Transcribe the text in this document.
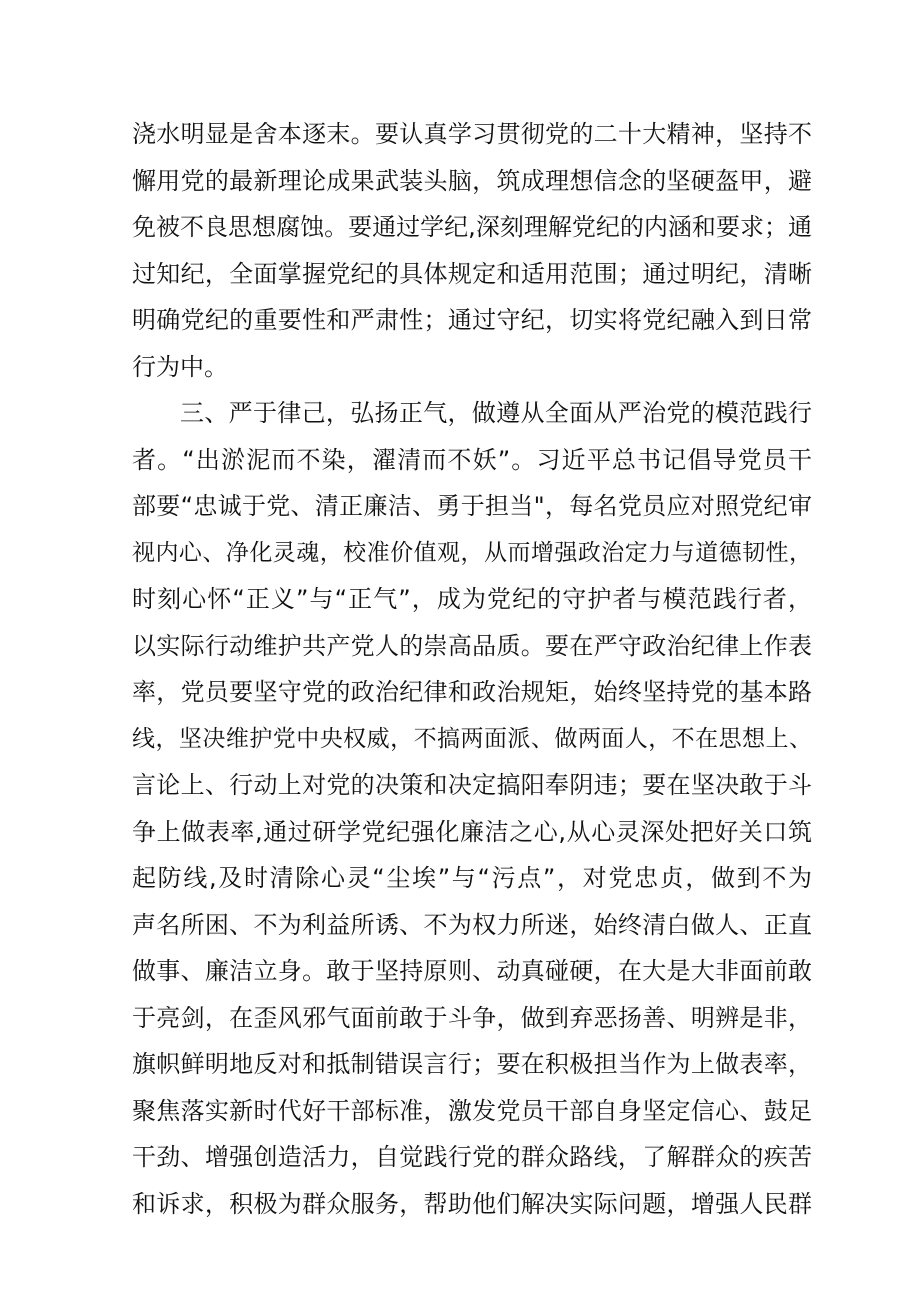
浇水明显是舍本逐末。要认真学习贯彻党的二十大精神，坚持不
懈用党的最新理论成果武装头脑，筑成理想信念的坚硬盔甲，避
免被不良思想腐蚀。要通过学纪,深刻理解党纪的内涵和要求；通
过知纪，全面掌握党纪的具体规定和适用范围；通过明纪，清晰
明确党纪的重要性和严肃性；通过守纪，切实将党纪融入到日常
行为中。
三、严于律己，弘扬正气，做遵从全面从严治党的模范践行
者。“出淤泥而不染，濯清而不妖”。习近平总书记倡导党员干
部要“忠诚于党、清正廉洁、勇于担当"，每名党员应对照党纪审
视内心、净化灵魂，校准价值观，从而增强政治定力与道德韧性，
时刻心怀“正义”与“正气”，成为党纪的守护者与模范践行者，
以实际行动维护共产党人的崇高品质。要在严守政治纪律上作表
率，党员要坚守党的政治纪律和政治规矩，始终坚持党的基本路
线，坚决维护党中央权威，不搞两面派、做两面人，不在思想上、
言论上、行动上对党的决策和决定搞阳奉阴违；要在坚决敢于斗
争上做表率,通过研学党纪强化廉洁之心,从心灵深处把好关口筑
起防线,及时清除心灵“尘埃”与“污点”，对党忠贞，做到不为
声名所困、不为利益所诱、不为权力所迷，始终清白做人、正直
做事、廉洁立身。敢于坚持原则、动真碰硬，在大是大非面前敢
于亮剑，在歪风邪气面前敢于斗争，做到弃恶扬善、明辨是非，
旗帜鲜明地反对和抵制错误言行；要在积极担当作为上做表率，
聚焦落实新时代好干部标准，激发党员干部自身坚定信心、鼓足
干劲、增强创造活力，自觉践行党的群众路线，了解群众的疾苦
和诉求，积极为群众服务，帮助他们解决实际问题，增强人民群
